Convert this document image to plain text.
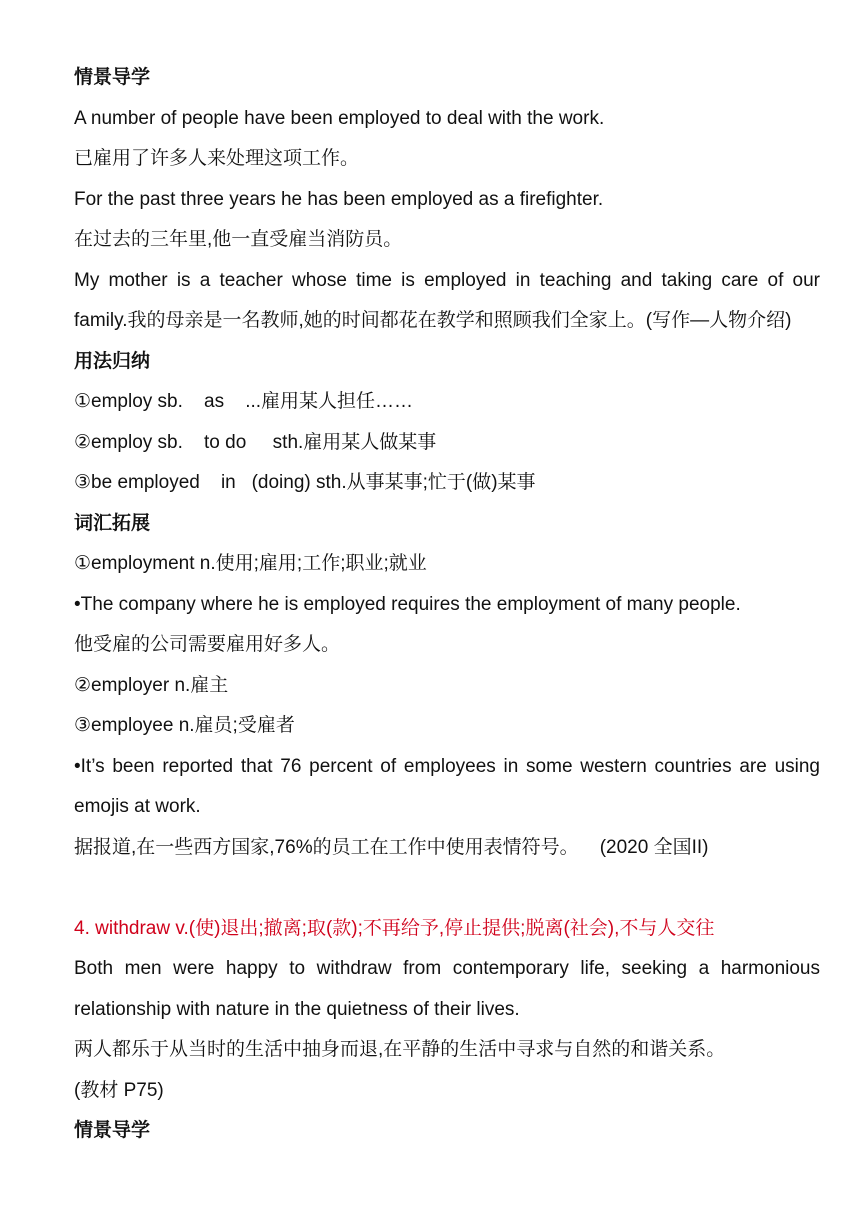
情景导学
A number of people have been employed to deal with the work.
已雇用了许多人来处理这项工作。
For the past three years he has been employed as a firefighter.
在过去的三年里,他一直受雇当消防员。
My mother is a teacher whose time is employed in teaching and taking care of our family.我的母亲是一名教师,她的时间都花在教学和照顾我们全家上。(写作—人物介绍)
用法归纳
①employ sb.    as    ...雇用某人担任……
②employ sb.    to do     sth.雇用某人做某事
③be employed    in   (doing) sth.从事某事;忙于(做)某事
词汇拓展
①employment n.使用;雇用;工作;职业;就业
•The company where he is employed requires the employment of many people.
他受雇的公司需要雇用好多人。
②employer n.雇主
③employee n.雇员;受雇者
•It’s been reported that 76 percent of employees in some western countries are using emojis at work.
据报道,在一些西方国家,76%的员工在工作中使用表情符号。    (2020 全国II)
4. withdraw v.(使)退出;撤离;取(款);不再给予,停止提供;脱离(社会),不与人交往
Both men were happy to withdraw from contemporary life, seeking a harmonious relationship with nature in the quietness of their lives.
两人都乐于从当时的生活中抽身而退,在平静的生活中寻求与自然的和谐关系。
(教材 P75)
情景导学
